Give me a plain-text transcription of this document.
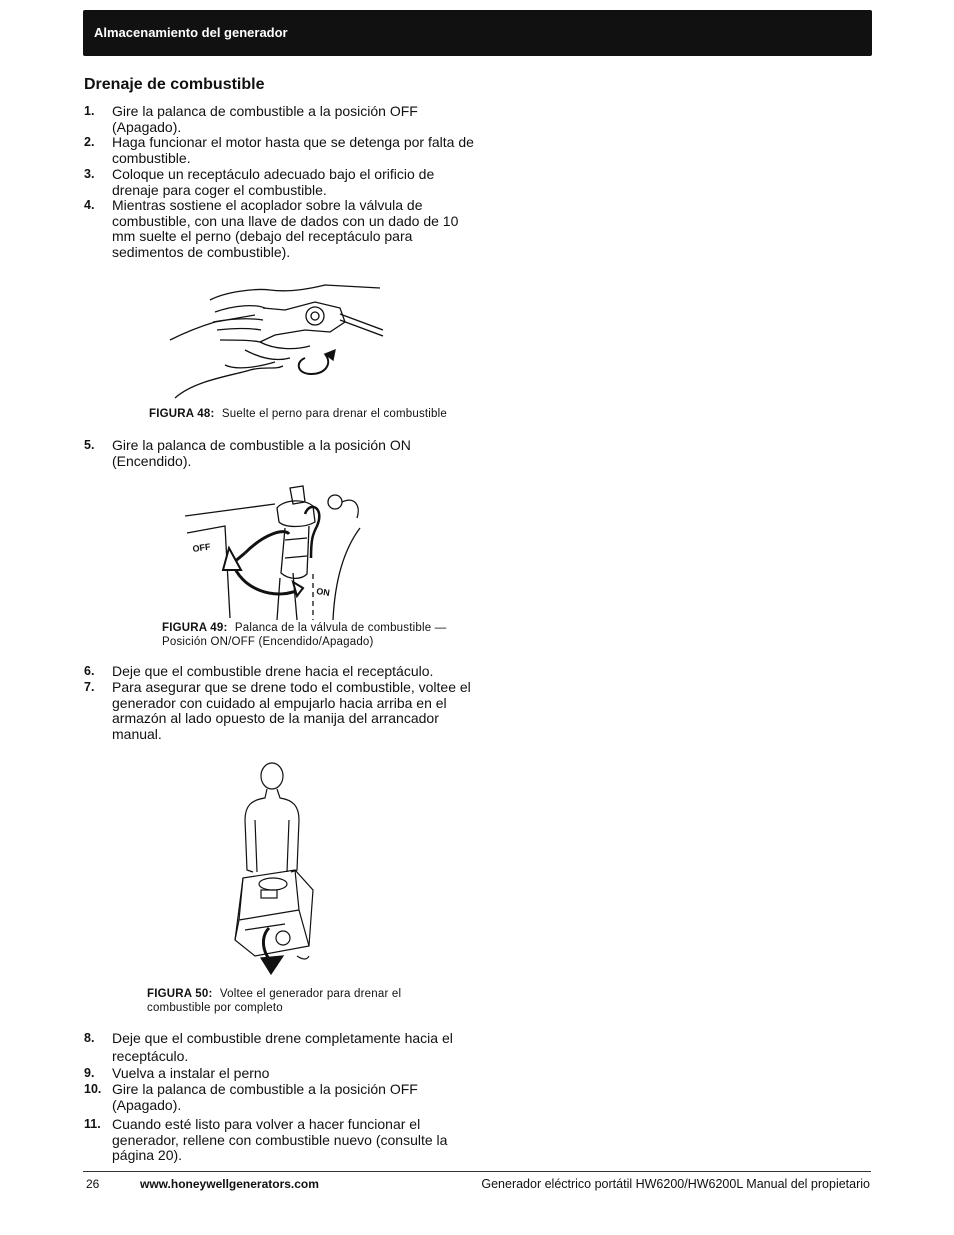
Almacenamiento del generador
Drenaje de combustible
1. Gire la palanca de combustible a la posición OFF (Apagado).
2. Haga funcionar el motor hasta que se detenga por falta de combustible.
3. Coloque un receptáculo adecuado bajo el orificio de drenaje para coger el combustible.
4. Mientras sostiene el acoplador sobre la válvula de combustible, con una llave de dados con un dado de 10 mm suelte el perno (debajo del receptáculo para sedimentos de combustible).
FIGURA 48: Suelte el perno para drenar el combustible
5. Gire la palanca de combustible a la posición ON (Encendido).
OFF
ON
FIGURA 49: Palanca de la válvula de combustible — Posición ON/OFF (Encendido/Apagado)
6. Deje que el combustible drene hacia el receptáculo.
7. Para asegurar que se drene todo el combustible, voltee el generador con cuidado al empujarlo hacia arriba en el armazón al lado opuesto de la manija del arrancador manual.
FIGURA 50: Voltee el generador para drenar el combustible por completo
8. Deje que el combustible drene completamente hacia el receptáculo.
9. Vuelva a instalar el perno
10. Gire la palanca de combustible a la posición OFF (Apagado).
11. Cuando esté listo para volver a hacer funcionar el generador, rellene con combustible nuevo (consulte la página 20).
26	www.honeywellgenerators.com	Generador eléctrico portátil HW6200/HW6200L Manual del propietario
